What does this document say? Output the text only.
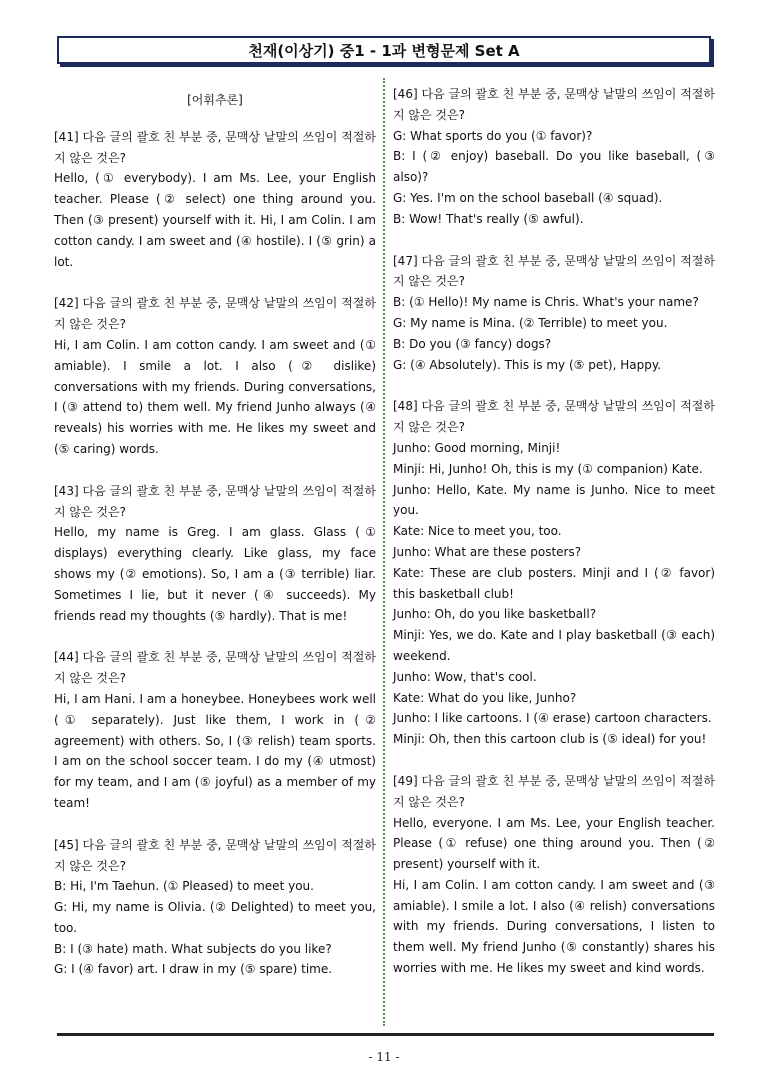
천재(이상기) 중1 - 1과 변형문제 Set A
[어휘추론]
[41] 다음 글의 괄호 친 부분 중, 문맥상 낱말의 쓰임이 적절하지 않은 것은?

Hello, (① everybody). I am Ms. Lee, your English teacher. Please (② select) one thing around you. Then (③ present) yourself with it. Hi, I am Colin. I am cotton candy. I am sweet and (④ hostile). I (⑤ grin) a lot.

[42] 다음 글의 괄호 친 부분 중, 문맥상 낱말의 쓰임이 적절하지 않은 것은?

Hi, I am Colin. I am cotton candy. I am sweet and (① amiable). I smile a lot. I also (② dislike) conversations with my friends. During conversations, I (③ attend to) them well. My friend Junho always (④ reveals) his worries with me. He likes my sweet and (⑤ caring) words.

[43] 다음 글의 괄호 친 부분 중, 문맥상 낱말의 쓰임이 적절하지 않은 것은?

Hello, my name is Greg. I am glass. Glass (① displays) everything clearly. Like glass, my face shows my (② emotions). So, I am a (③ terrible) liar. Sometimes I lie, but it never (④ succeeds). My friends read my thoughts (⑤ hardly). That is me!

[44] 다음 글의 괄호 친 부분 중, 문맥상 낱말의 쓰임이 적절하지 않은 것은?

Hi, I am Hani. I am a honeybee. Honeybees work well (① separately). Just like them, I work in (② agreement) with others. So, I (③ relish) team sports. I am on the school soccer team. I do my (④ utmost) for my team, and I am (⑤ joyful) as a member of my team!

[45] 다음 글의 괄호 친 부분 중, 문맥상 낱말의 쓰임이 적절하지 않은 것은?

B: Hi, I'm Taehun. (① Pleased) to meet you.

G: Hi, my name is Olivia. (② Delighted) to meet you, too.

B: I (③ hate) math. What subjects do you like?

G: I (④ favor) art. I draw in my (⑤ spare) time.

[46] 다음 글의 괄호 친 부분 중, 문맥상 낱말의 쓰임이 적절하지 않은 것은?

G: What sports do you (① favor)?

B: I (② enjoy) baseball. Do you like baseball, (③ also)?

G: Yes. I'm on the school baseball (④ squad).

B: Wow! That's really (⑤ awful).

[47] 다음 글의 괄호 친 부분 중, 문맥상 낱말의 쓰임이 적절하지 않은 것은?

B: (① Hello)! My name is Chris. What's your name?

G: My name is Mina. (② Terrible) to meet you.

B: Do you (③ fancy) dogs?

G: (④ Absolutely). This is my (⑤ pet), Happy.

[48] 다음 글의 괄호 친 부분 중, 문맥상 낱말의 쓰임이 적절하지 않은 것은?

Junho: Good morning, Minji!

Minji: Hi, Junho! Oh, this is my (① companion) Kate.

Junho: Hello, Kate. My name is Junho. Nice to meet you.

Kate: Nice to meet you, too.

Junho: What are these posters?

Kate: These are club posters. Minji and I (② favor) this basketball club!

Junho: Oh, do you like basketball?

Minji: Yes, we do. Kate and I play basketball (③ each) weekend.

Junho: Wow, that's cool.

Kate: What do you like, Junho?

Junho: I like cartoons. I (④ erase) cartoon characters.

Minji: Oh, then this cartoon club is (⑤ ideal) for you!

[49] 다음 글의 괄호 친 부분 중, 문맥상 낱말의 쓰임이 적절하지 않은 것은?

Hello, everyone. I am Ms. Lee, your English teacher. Please (① refuse) one thing around you. Then (② present) yourself with it.

Hi, I am Colin. I am cotton candy. I am sweet and (③ amiable). I smile a lot. I also (④ relish) conversations with my friends. During conversations, I listen to them well. My friend Junho (⑤ constantly) shares his worries with me. He likes my sweet and kind words.

- 11 -
